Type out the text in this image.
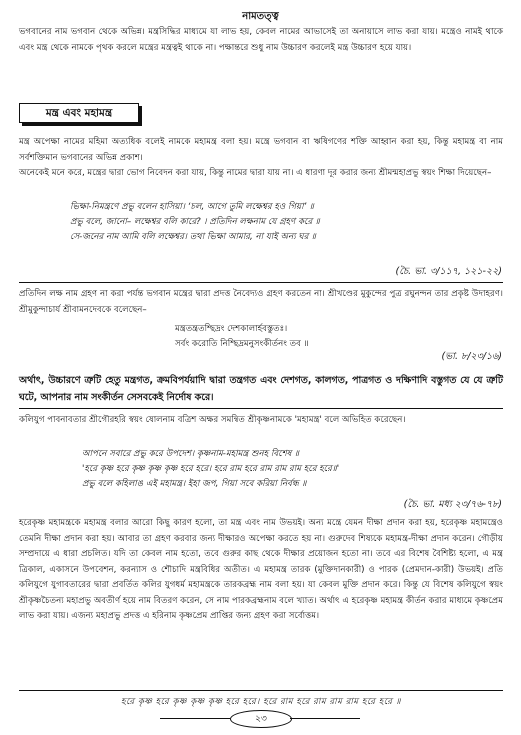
নামতত্ত্ব

ভগবানের নাম ভগবান থেকে অভিন্ন। মন্ত্রসিদ্ধির মাধ্যমে যা লাভ হয়, কেবল নামের আভাসেই তা অনায়াসে লাভ করা যায়। মন্ত্রেও নামই থাকে এবং মন্ত্র থেকে নামকে পৃথক করলে মন্ত্রের মন্ত্রত্বই থাকে না। পক্ষান্তরে শুধু নাম উচ্চারণ করলেই মন্ত্র উচ্চারণ হয়ে যায়।

মন্ত্র এবং মহামন্ত্র

মন্ত্র অপেক্ষা নামের মহিমা অত্যধিক বলেই নামকে মহামন্ত্র বলা হয়। মন্ত্রে ভগবান বা ঋষিগণের শক্তি আহ্বান করা হয়, কিন্তু মহামন্ত্র বা নাম সর্বশক্তিমান ভগবানের অভিন্ন প্রকাশ।

অনেকেই মনে করে, মন্ত্রের দ্বারা ভোগ নিবেদন করা যায়, কিন্তু নামের দ্বারা যায় না। এ ধারণা দূর করার জন্য শ্রীমন্মহাপ্রভু স্বয়ং শিক্ষা দিয়েছেন–

ভিক্ষা-নিমন্ত্রণে প্রভু বলেন হাসিয়া। ‘চল, আগে তুমি লক্ষেশ্বর হও গিয়া’ ॥
প্রভু বলে, জানো– লক্ষেশ্বর বলি কারে? । প্রতিদিন লক্ষনাম যে গ্রহণ করে ॥
সে-জনের নাম আমি বলি লক্ষেশ্বর। তথা ভিক্ষা আমার, না যাই অন্য ঘর ॥
(চৈ. ভা. ৩/১১৭, ১২১-২২)

প্রতিদিন লক্ষ নাম গ্রহণ না করা পর্যন্ত ভগবান মন্ত্রের দ্বারা প্রদত্ত নৈবেদ্যও গ্রহণ করতেন না। শ্রীখণ্ডের মুকুন্দের পুত্র রঘুনন্দন তার প্রকৃষ্ট উদাহরণ। শ্রীমুকুন্দাচার্য শ্রীবামনদেবকে বলেছেন–

মন্ত্রতন্ত্রতশ্ছিদ্রং দেশকালার্হবস্তুতঃ।
সর্বং করোতি নিশ্ছিদ্রমনুসংকীর্তনং তব ॥
(ভা. ৮/২৩/১৬)

অর্থাৎ, উচ্চারণে ত্রুটি হেতু মন্ত্রগত, ক্রমবিপর্যয়াদি দ্বারা তন্ত্রগত এবং দেশগত, কালগত, পাত্রগত ও দক্ষিণাদি বস্তুগত যে যে ত্রুটি ঘটে, আপনার নাম সংকীর্তন সেসবকেই নির্দোষ করে।

কলিযুগ পাবনাবতার শ্রীগৌরহরি স্বয়ং ষোলনাম বত্রিশ অক্ষর সমন্বিত শ্রীকৃষ্ণনামকে 'মহামন্ত্র' বলে অভিহিত করেছেন।

আপনে সবারে প্রভু করে উপদেশ। কৃষ্ণনাম-মহামন্ত্র শুনহ বিশেষ ॥
'হরে কৃষ্ণ হরে কৃষ্ণ কৃষ্ণ কৃষ্ণ হরে হরে। হরে রাম হরে রাম রাম রাম হরে হরে॥'
প্রভু বলে কহিলাঙ এই মহামন্ত্র। ইহা জপ, গিয়া সবে করিয়া নির্বন্ধ ॥
(চৈ. ভা. মধ্য ২৩/৭৬-৭৮)

হরেকৃষ্ণ মহামন্ত্রকে মহামন্ত্র বলার আরো কিছু কারণ হলো, তা মন্ত্র এবং নাম উভয়ই। অন্য মন্ত্রে যেমন দীক্ষা প্রদান করা হয়, হরেকৃষ্ণ মহামন্ত্রেও তেমনি দীক্ষা প্রদান করা হয়। আবার তা গ্রহণ করবার জন্য দীক্ষারও অপেক্ষা করতে হয় না। গুরুদেব শিষ্যকে মহামন্ত্র-দীক্ষা প্রদান করেন। গৌড়ীয় সম্প্রদায়ে এ ধারা প্রচলিত। যদি তা কেবল নাম হতো, তবে গুরুর কাছ থেকে দীক্ষার প্রয়োজন হতো না। তবে এর বিশেষ বৈশিষ্ট্য হলো, এ মন্ত্র ত্রিকাল, একাসনে উপবেশন, করন্যাস ও শৌচাদি মন্ত্রবিধির অতীত। এ মহামন্ত্র তারক (মুক্তিদানকারী) ও পারক (প্রেমদান-কারী) উভয়ই। প্রতি কলিযুগে যুগাবতারের দ্বারা প্রবর্তিত কলির যুগধর্ম মহামন্ত্রকে তারকব্রহ্ম নাম বলা হয়। যা কেবল মুক্তি প্রদান করে। কিন্তু যে বিশেষ কলিযুগে স্বয়ং শ্রীকৃষ্ণচৈতন্য মহাপ্রভু অবতীর্ণ হয়ে নাম বিতরণ করেন, সে নাম পারকব্রহ্মনাম বলে খ্যাত। অর্থাৎ এ হরেকৃষ্ণ মহামন্ত্র কীর্তন করার মাধ্যমে কৃষ্ণপ্রেম লাভ করা যায়। এজন্য মহাপ্রভু প্রদত্ত এ হরিনাম কৃষ্ণপ্রেম প্রাপ্তির জন্য গ্রহণ করা সর্বোত্তম।

হরে কৃষ্ণ হরে কৃষ্ণ কৃষ্ণ কৃষ্ণ হরে হরে। হরে রাম হরে রাম রাম রাম হরে হরে ॥
২৩
